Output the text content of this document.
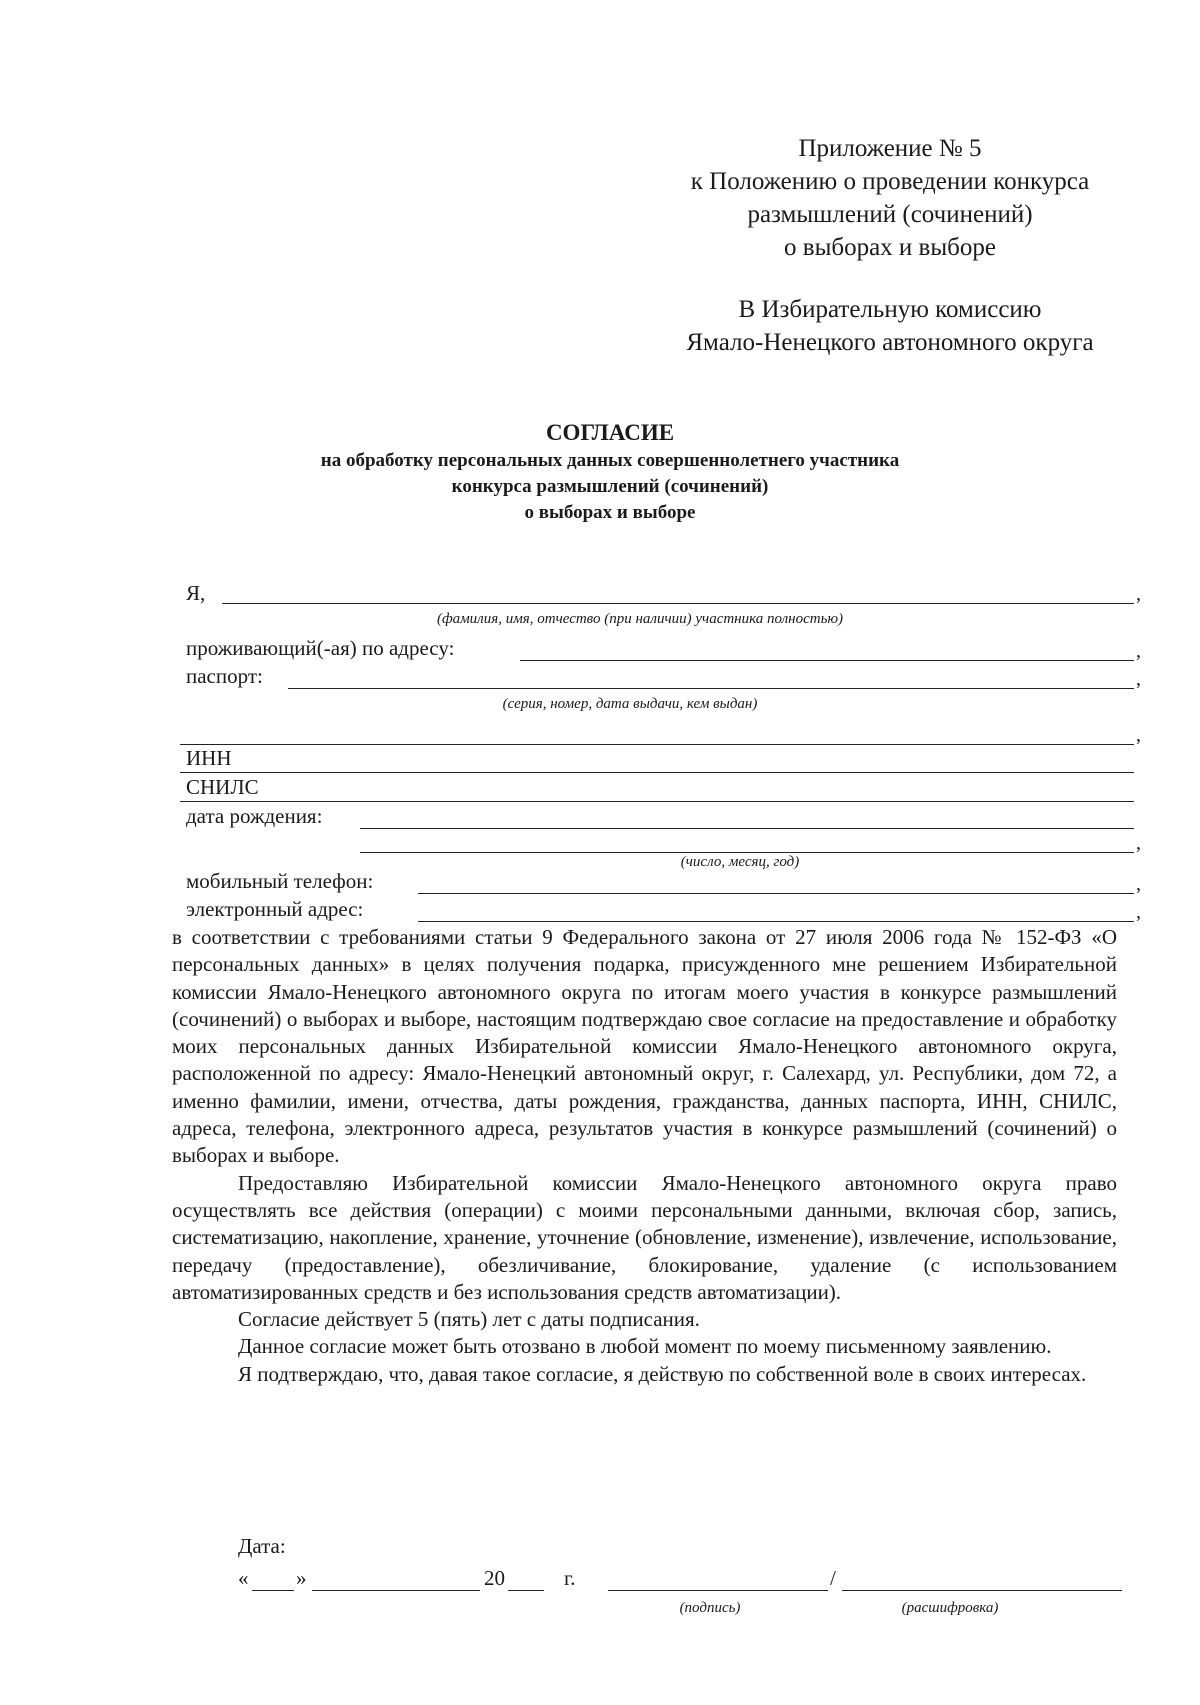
Приложение № 5
к Положению о проведении конкурса
размышлений (сочинений)
о выборах и выборе
В Избирательную комиссию
Ямало-Ненецкого автономного округа
СОГЛАСИЕ
на обработку персональных данных совершеннолетнего участника
конкурса размышлений (сочинений)
о выборах и выборе
Я,	,
(фамилия, имя, отчество (при наличии) участника полностью)
проживающий(-ая) по адресу:	,
паспорт:	,
(серия, номер, дата выдачи, кем выдан)
,
ИНН
СНИЛС
дата рождения:
,
(число, месяц, год)
мобильный телефон:	,
электронный адрес:	,
в соответствии с требованиями статьи 9 Федерального закона от 27 июля 2006 года № 152-ФЗ «О персональных данных» в целях получения подарка, присужденного мне решением Избирательной комиссии Ямало-Ненецкого автономного округа по итогам моего участия в конкурсе размышлений (сочинений) о выборах и выборе, настоящим подтверждаю свое согласие на предоставление и обработку моих персональных данных Избирательной комиссии Ямало-Ненецкого автономного округа, расположенной по адресу: Ямало-Ненецкий автономный округ, г. Салехард, ул. Республики, дом 72, а именно фамилии, имени, отчества, даты рождения, гражданства, данных паспорта, ИНН, СНИЛС, адреса, телефона, электронного адреса, результатов участия в конкурсе размышлений (сочинений) о выборах и выборе.
Предоставляю Избирательной комиссии Ямало-Ненецкого автономного округа право осуществлять все действия (операции) с моими персональными данными, включая сбор, запись, систематизацию, накопление, хранение, уточнение (обновление, изменение), извлечение, использование, передачу (предоставление), обезличивание, блокирование, удаление (с использованием автоматизированных средств и без использования средств автоматизации).
Согласие действует 5 (пять) лет с даты подписания.
Данное согласие может быть отозвано в любой момент по моему письменному заявлению.
Я подтверждаю, что, давая такое согласие, я действую по собственной воле в своих интересах.
Дата:
« »	20	г.	/
(подпись)	(расшифровка)
